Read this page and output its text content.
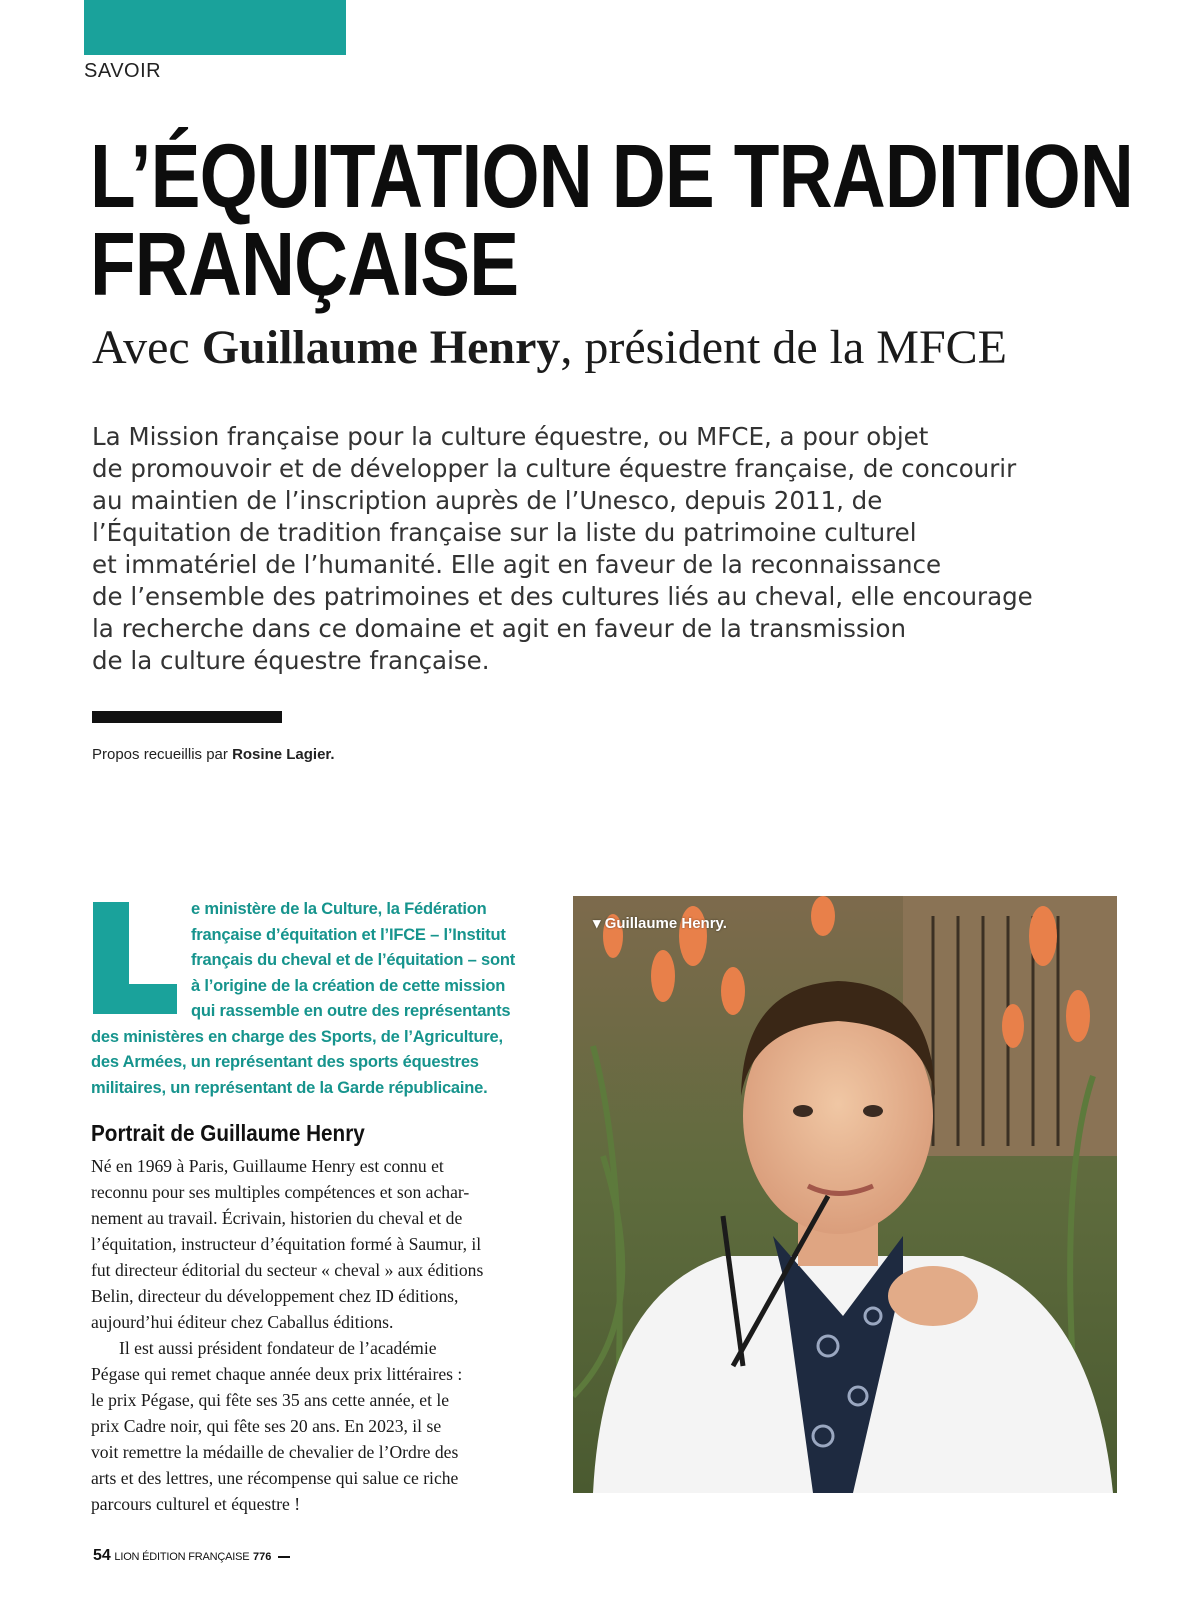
SAVOIR
L’ÉQUITATION DE TRADITION
FRANÇAISE
Avec Guillaume Henry, président de la MFCE

La Mission française pour la culture équestre, ou MFCE, a pour objet
de promouvoir et de développer la culture équestre française, de concourir
au maintien de l’inscription auprès de l’Unesco, depuis 2011, de
l’Équitation de tradition française sur la liste du patrimoine culturel
et immatériel de l’humanité. Elle agit en faveur de la reconnaissance
de l’ensemble des patrimoines et des cultures liés au cheval, elle encourage
la recherche dans ce domaine et agit en faveur de la transmission
de la culture équestre française.

Propos recueillis par Rosine Lagier.
e ministère de la Culture, la Fédération
française d’équitation et l’IFCE – l’Institut
français du cheval et de l’équitation – sont
à l’origine de la création de cette mission
qui rassemble en outre des représentants
des ministères en charge des Sports, de l’Agriculture,
des Armées, un représentant des sports équestres
militaires, un représentant de la Garde républicaine.
Portrait de Guillaume Henry
Né en 1969 à Paris, Guillaume Henry est connu et
reconnu pour ses multiples compétences et son achar-
nement au travail. Écrivain, historien du cheval et de
l’équitation, instructeur d’équitation formé à Saumur, il
fut directeur éditorial du secteur « cheval » aux éditions
Belin, directeur du développement chez ID éditions,
aujourd’hui éditeur chez Caballus éditions.
Il est aussi président fondateur de l’académie
Pégase qui remet chaque année deux prix littéraires :
le prix Pégase, qui fête ses 35 ans cette année, et le
prix Cadre noir, qui fête ses 20 ans. En 2023, il se
voit remettre la médaille de chevalier de l’Ordre des
arts et des lettres, une récompense qui salue ce riche
parcours culturel et équestre !
▾ Guillaume Henry.
54 LION ÉDITION FRANÇAISE 776
